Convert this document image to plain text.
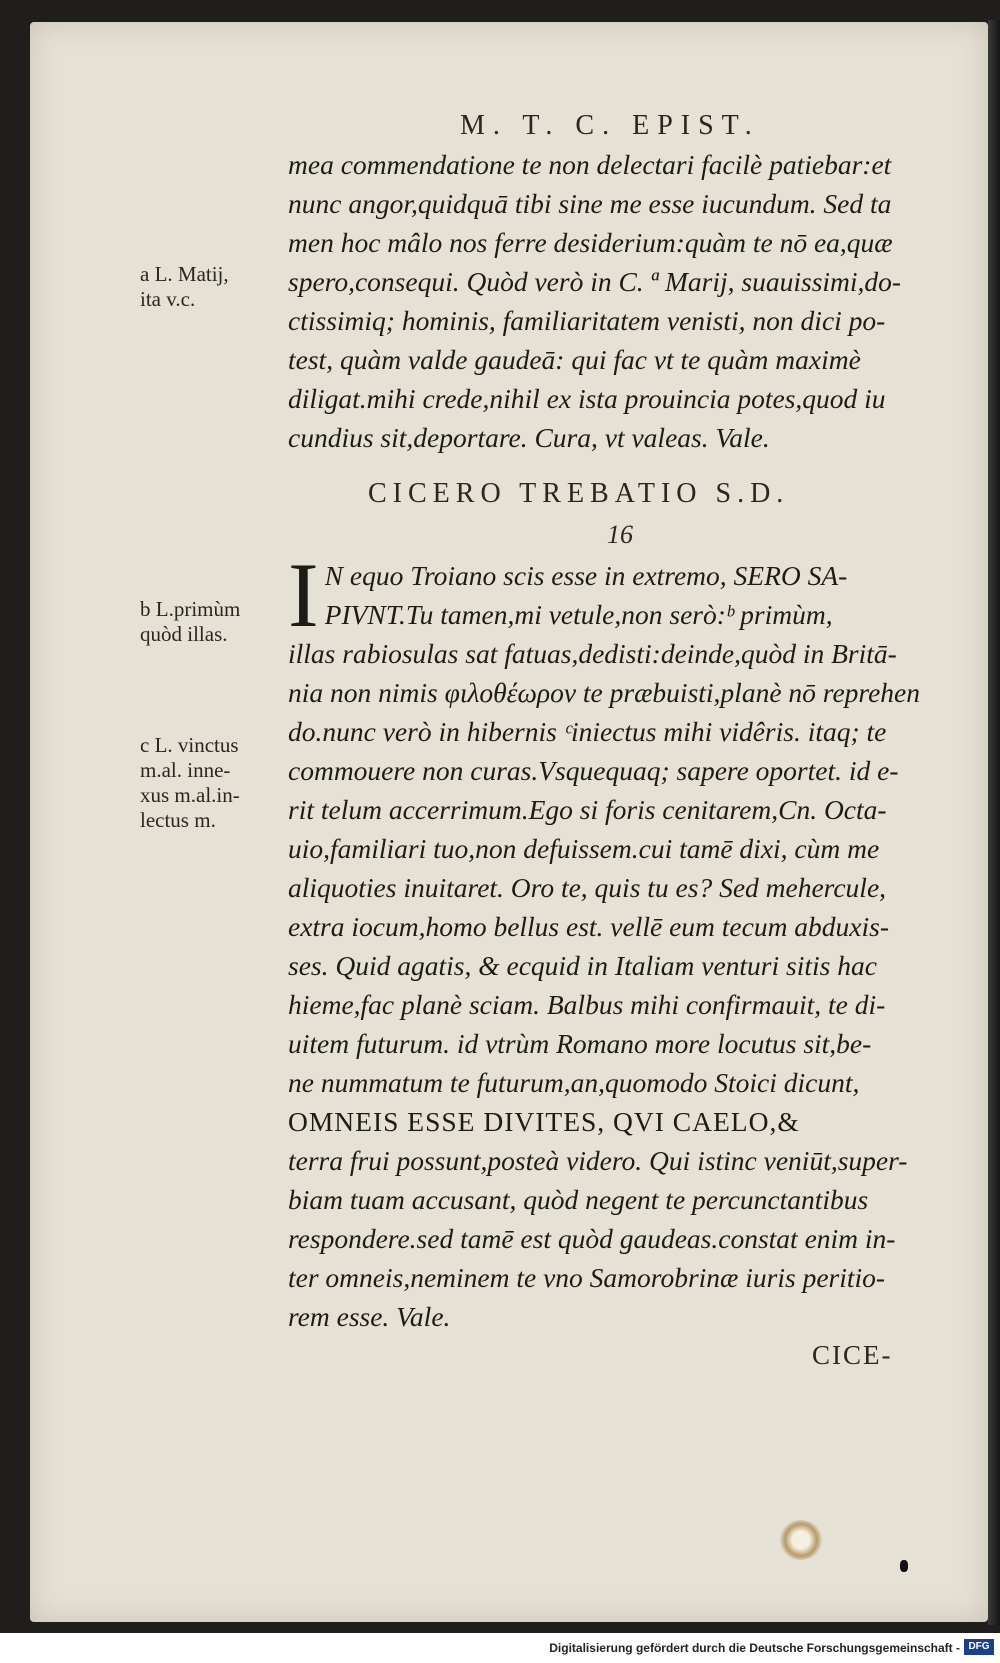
M. T. C. EPIST.
mea commendatione te non delectari facilè patiebar:et
nunc angor,quidquā tibi sine me esse iucundum. Sed ta
men hoc mâlo nos ferre desiderium:quàm te nō ea,quæ
spero,consequi. Quòd verò in C. ª Marij, suauissimi,do-
ctissimiq; hominis, familiaritatem venisti, non dici po-
test, quàm valde gaudeā: qui fac vt te quàm maximè
diligat.mihi crede,nihil ex ista prouincia potes,quod iu
cundius sit,deportare. Cura, vt valeas. Vale.
a L. Matij,
ita v.c.
CICERO TREBATIO S.D.
16
I N equo Troiano scis esse in extremo, SERO SA-
PIVNT.Tu tamen,mi vetule,non serò:ᵇ primùm,
illas rabiosulas sat fatuas,dedisti:deinde,quòd in Britā-
nia non nimis φιλοθέωρον te præbuisti,planè nō reprehen
do.nunc verò in hibernis ᶜiniectus mihi vidêris. itaq; te
commouere non curas.Vsquequaq; sapere oportet. id e-
rit telum accerrimum.Ego si foris cenitarem,Cn. Octa-
uio,familiari tuo,non defuissem.cui tamē dixi, cùm me
aliquoties inuitaret. Oro te, quis tu es? Sed mehercule,
extra iocum,homo bellus est. vellē eum tecum abduxis-
ses. Quid agatis, & ecquid in Italiam venturi sitis hac
hieme,fac planè sciam. Balbus mihi confirmauit, te di-
uitem futurum. id vtrùm Romano more locutus sit,be-
ne nummatum te futurum,an,quomodo Stoici dicunt,
OMNEIS ESSE DIVITES, QVI CAELO,&
terra frui possunt,posteà videro. Qui istinc veniūt,super-
biam tuam accusant, quòd negent te percunctantibus
respondere.sed tamē est quòd gaudeas.constat enim in-
ter omneis,neminem te vno Samorobrinæ iuris peritio-
rem esse. Vale.
b L.primùm
quòd illas.
c L. vinctus
m.al. inne-
xus m.al.in-
lectus m.
CICE-
Digitalisierung gefördert durch die Deutsche Forschungsgemeinschaft - DFG
